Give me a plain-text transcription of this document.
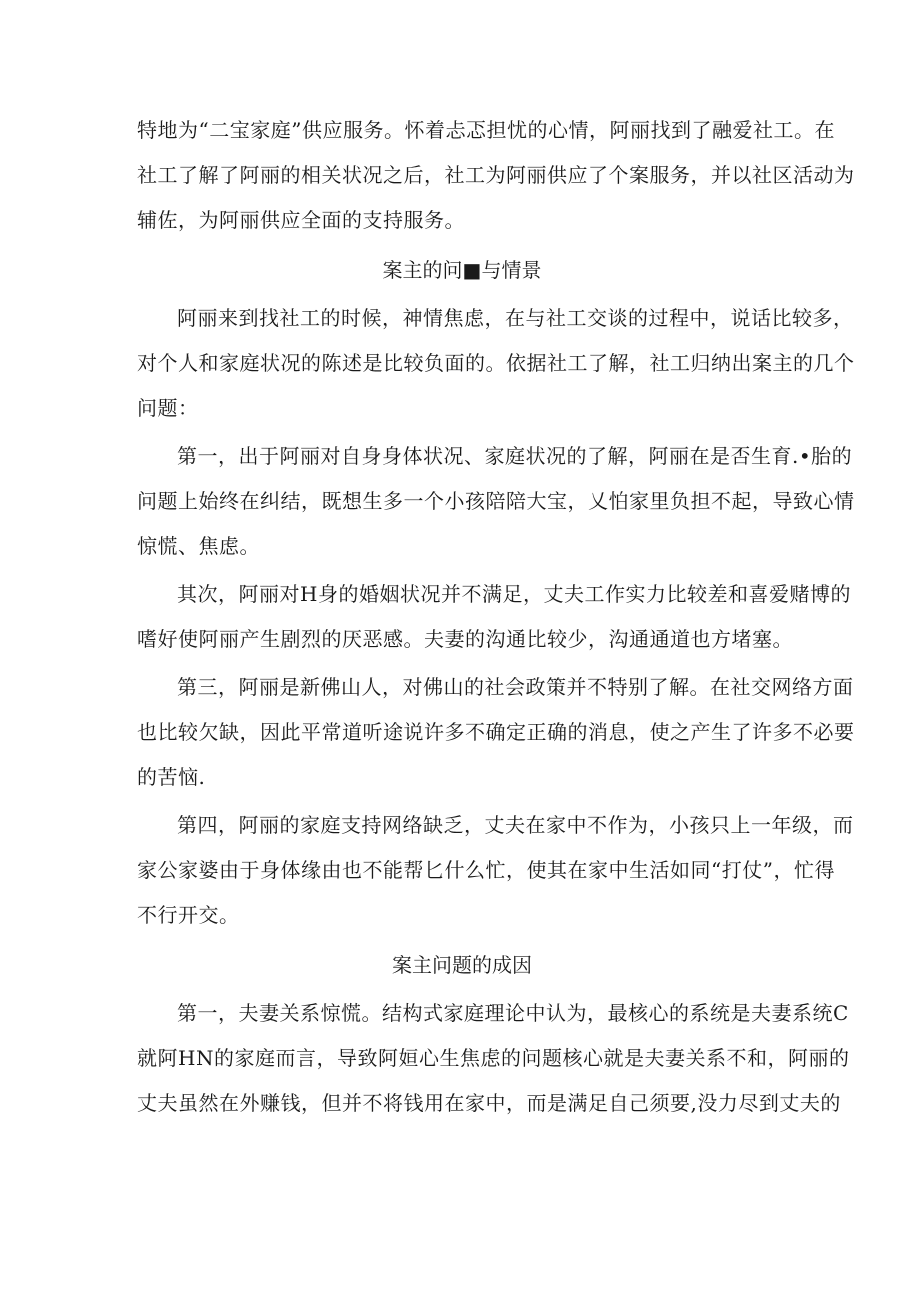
特地为“二宝家庭”供应服务。怀着忐忑担忧的心情，阿丽找到了融爱社工。在
社工了解了阿丽的相关状况之后，社工为阿丽供应了个案服务，并以社区活动为
辅佐，为阿丽供应全面的支持服务。
案主的问■与情景
阿丽来到找社工的时候，神情焦虑，在与社工交谈的过程中，说话比较多，
对个人和家庭状况的陈述是比较负面的。依据社工了解，社工归纳出案主的几个
问题：
第一，出于阿丽对自身身体状况、家庭状况的了解，阿丽在是否生育.•胎的
问题上始终在纠结，既想生多一个小孩陪陪大宝，乂怕家里负担不起，导致心情
惊慌、焦虑。
其次，阿丽对H身的婚姻状况并不满足，丈夫工作实力比较差和喜爱赌博的
嗜好使阿丽产生剧烈的厌恶感。夫妻的沟通比较少，沟通通道也方堵塞。
第三，阿丽是新佛山人，对佛山的社会政策并不特别了解。在社交网络方面
也比较欠缺，因此平常道听途说许多不确定正确的消息，使之产生了许多不必要
的苦恼.
第四，阿丽的家庭支持网络缺乏，丈夫在家中不作为，小孩只上一年级，而
家公家婆由于身体缘由也不能帮匕什么忙，使其在家中生活如同“打仗”，忙得
不行开交。
案主问题的成因
第一，夫妻关系惊慌。结构式家庭理论中认为，最核心的系统是夫妻系统C
就阿HN的家庭而言，导致阿姮心生焦虑的问题核心就是夫妻关系不和，阿丽的
丈夫虽然在外赚钱，但并不将钱用在家中，而是满足自己须要,没力尽到丈夫的
